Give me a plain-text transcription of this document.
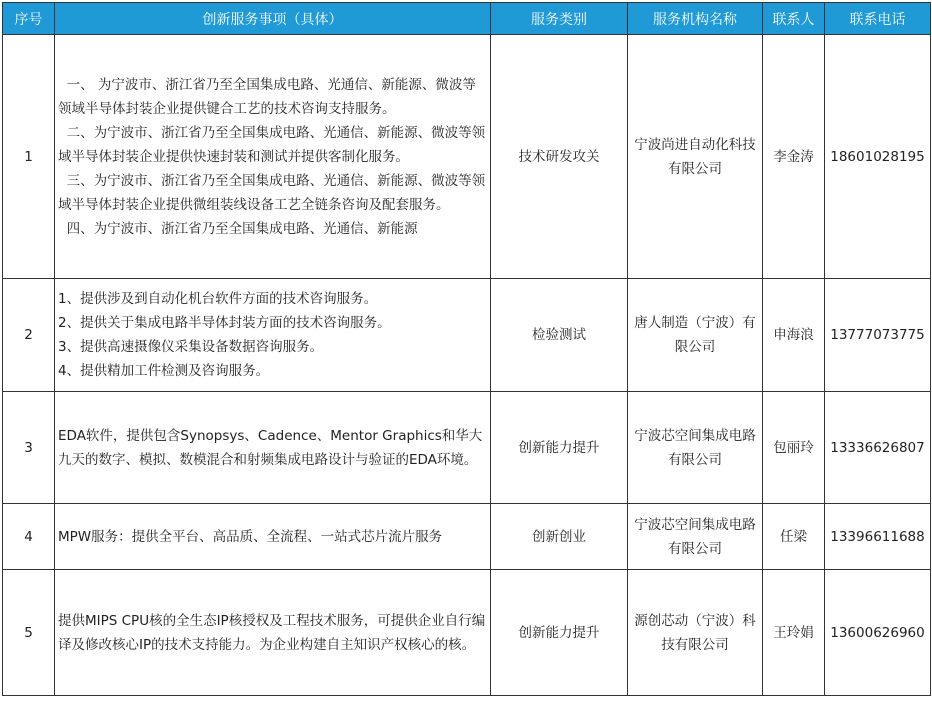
序号	创新服务事项（具体）	服务类别	服务机构名称	联系人	联系电话
1	一、 为宁波市、浙江省乃至全国集成电路、光通信、新能源、微波等领域半导体封装企业提供键合工艺的技术咨询支持服务。
二、为宁波市、浙江省乃至全国集成电路、光通信、新能源、微波等领域半导体封装企业提供快速封装和测试并提供客制化服务。
三、为宁波市、浙江省乃至全国集成电路、光通信、新能源、微波等领域半导体封装企业提供微组装线设备工艺全链条咨询及配套服务。
四、为宁波市、浙江省乃至全国集成电路、光通信、新能源	技术研发攻关	宁波尚进自动化科技有限公司	李金涛	18601028195
2	1、提供涉及到自动化机台软件方面的技术咨询服务。
2、提供关于集成电路半导体封装方面的技术咨询服务。
3、提供高速摄像仪采集设备数据咨询服务。
4、提供精加工件检测及咨询服务。	检验测试	唐人制造（宁波）有限公司	申海浪	13777073775
3	EDA软件，提供包含Synopsys、Cadence、Mentor Graphics和华大九天的数字、模拟、数模混合和射频集成电路设计与验证的EDA环境。	创新能力提升	宁波芯空间集成电路有限公司	包丽玲	13336626807
4	MPW服务：提供全平台、高品质、全流程、一站式芯片流片服务	创新创业	宁波芯空间集成电路有限公司	任梁	13396611688
5	提供MIPS CPU核的全生态IP核授权及工程技术服务，可提供企业自行编译及修改核心IP的技术支持能力。为企业构建自主知识产权核心的核。	创新能力提升	源创芯动（宁波）科技有限公司	王玲娟	13600626960
